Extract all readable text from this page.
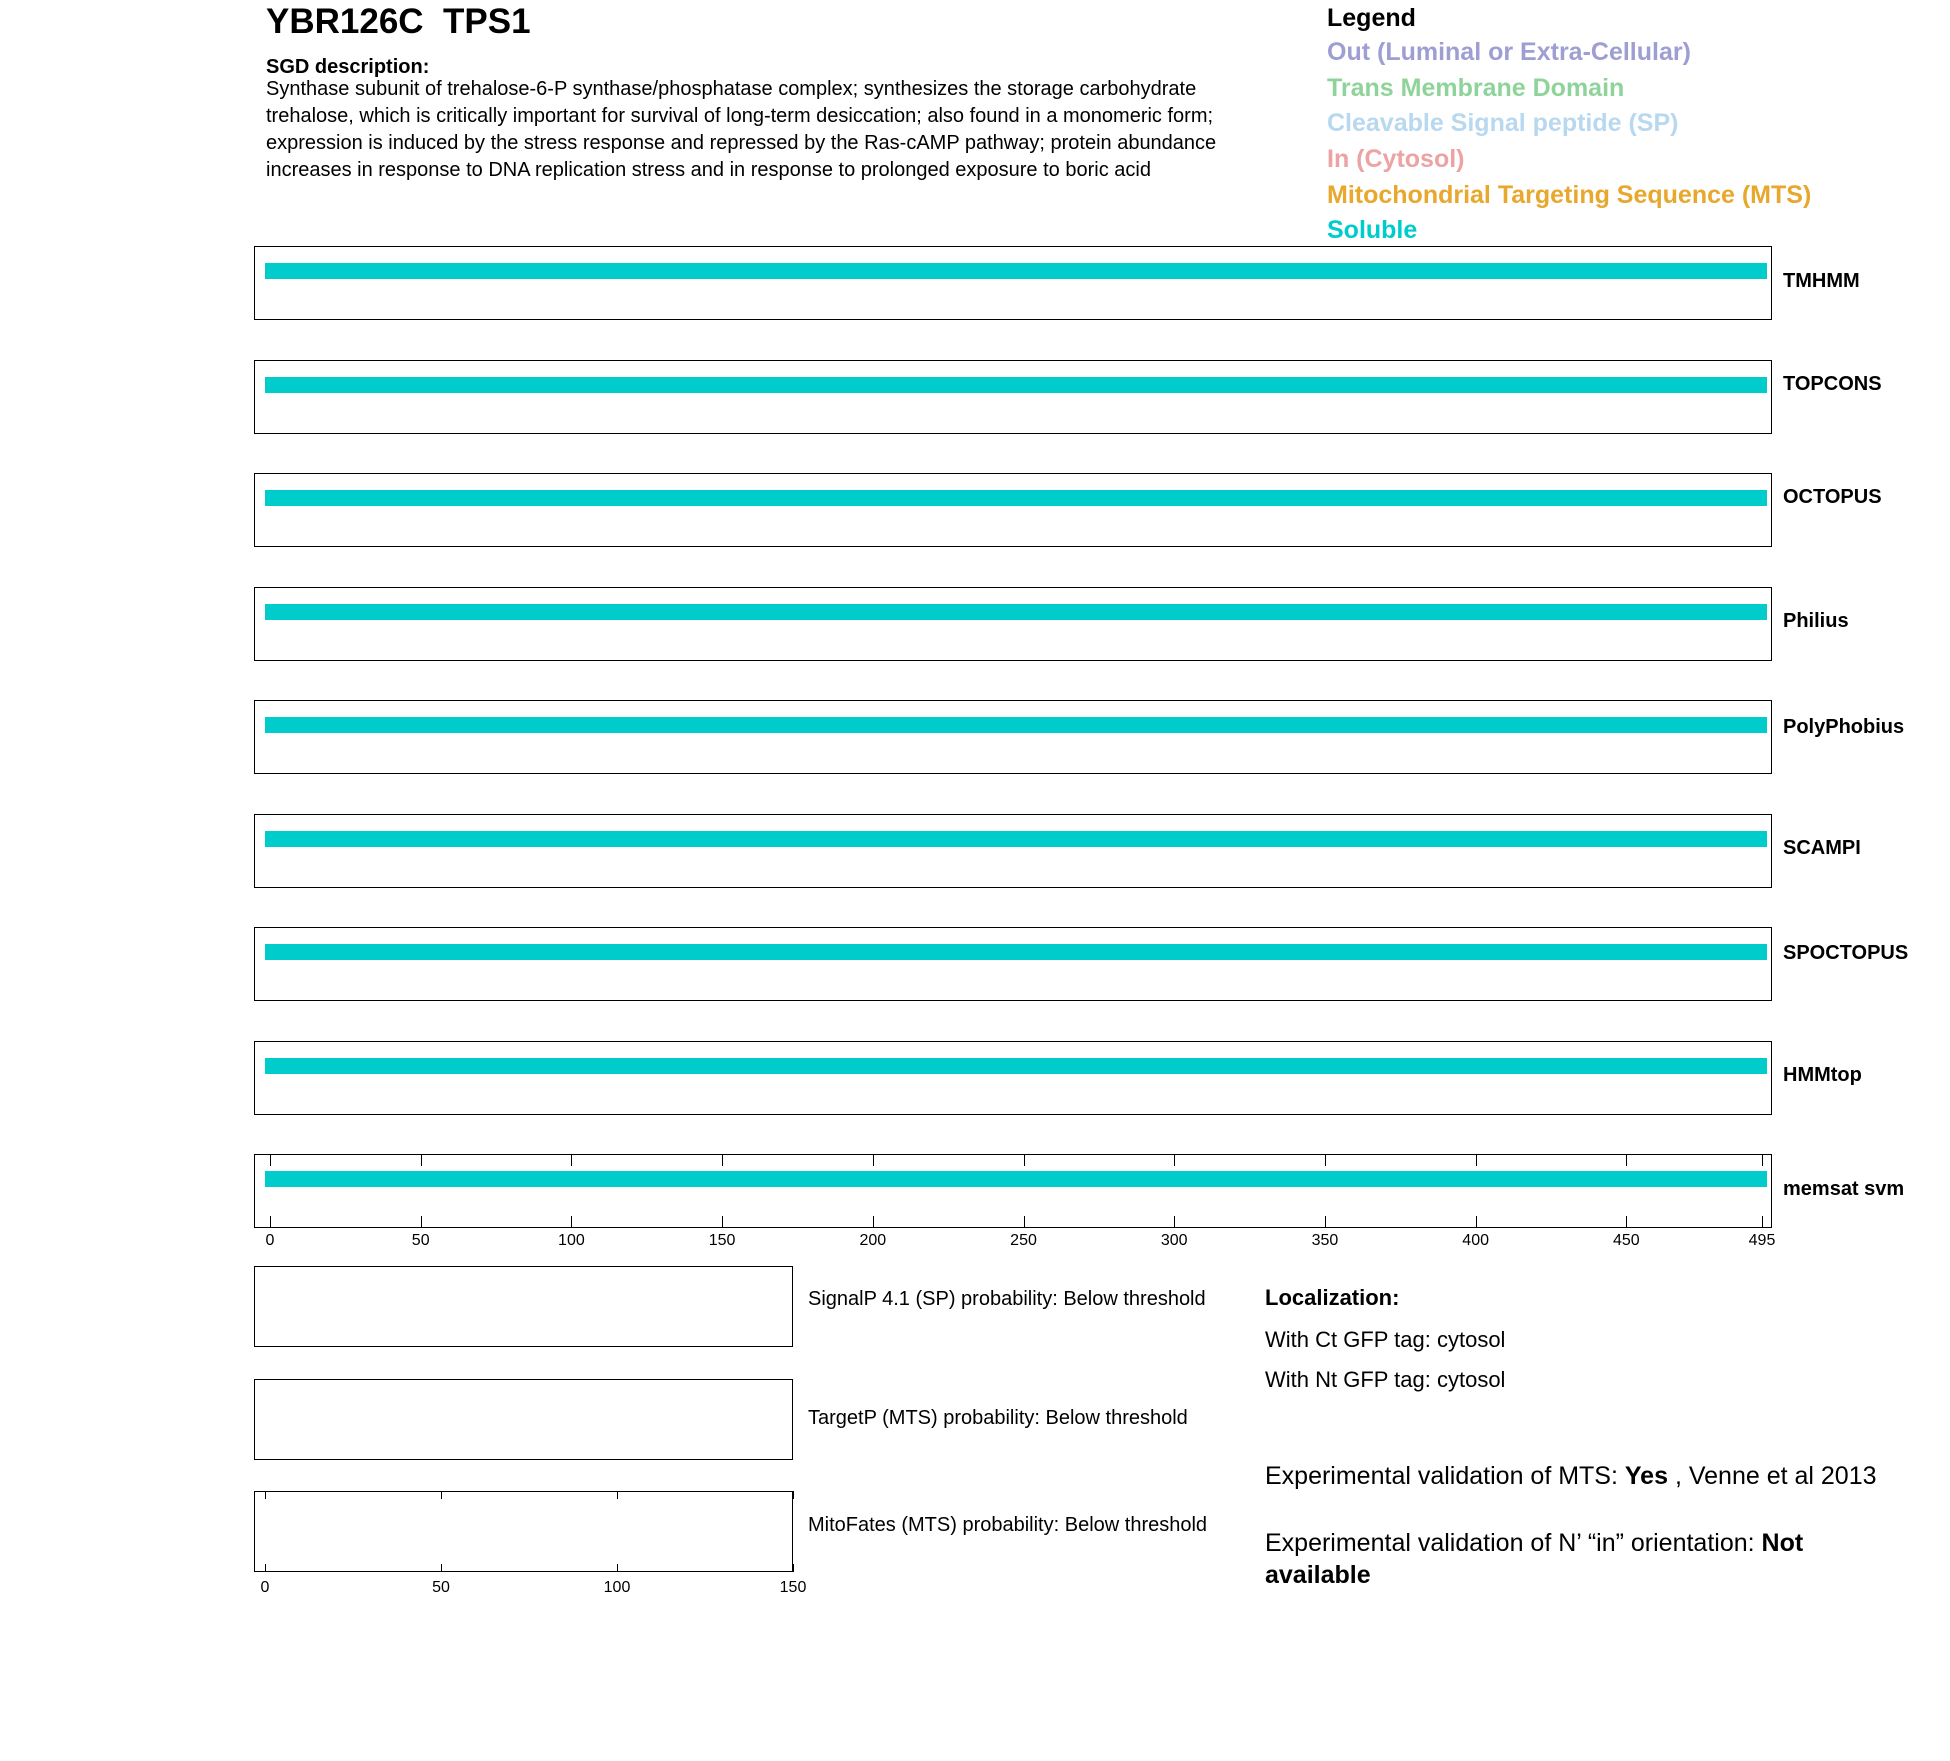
YBR126C  TPS1
SGD description:
Synthase subunit of trehalose-6-P synthase/phosphatase complex; synthesizes the storage carbohydrate trehalose, which is critically important for survival of long-term desiccation; also found in a monomeric form; expression is induced by the stress response and repressed by the Ras-cAMP pathway; protein abundance increases in response to DNA replication stress and in response to prolonged exposure to boric acid
Legend
Out (Luminal or Extra-Cellular)
Trans Membrane Domain
Cleavable Signal peptide (SP)
In (Cytosol)
Mitochondrial Targeting Sequence (MTS)
Soluble
TMHMM
TOPCONS
OCTOPUS
Philius
PolyPhobius
SCAMPI
SPOCTOPUS
HMMtop
memsat svm
0	50	100	150	200	250	300	350	400	450	495
SignalP 4.1 (SP) probability: Below threshold
TargetP (MTS) probability: Below threshold
MitoFates (MTS) probability: Below threshold
0	50	100	150
Localization:
With Ct GFP tag: cytosol
With Nt GFP tag: cytosol
Experimental validation of MTS: Yes , Venne et al 2013
Experimental validation of N’ “in” orientation: Not available
